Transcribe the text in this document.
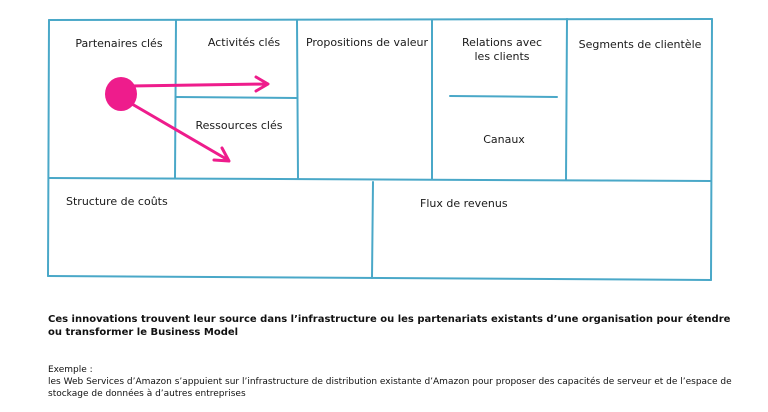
Partenaires clés	Activités clés
Ressources clés
Propositions de valeur	Relations avec
les clients
Canaux
Segments de clientèle
Structure de coûts	Flux de revenus
Ces innovations trouvent leur source dans l’infrastructure ou les partenariats existants d’une organisation pour étendre ou transformer le Business Model
Exemple :
les Web Services d’Amazon s’appuient sur l’infrastructure de distribution existante d’Amazon pour proposer des capacités de serveur et de l’espace de stockage de données à d’autres entreprises
